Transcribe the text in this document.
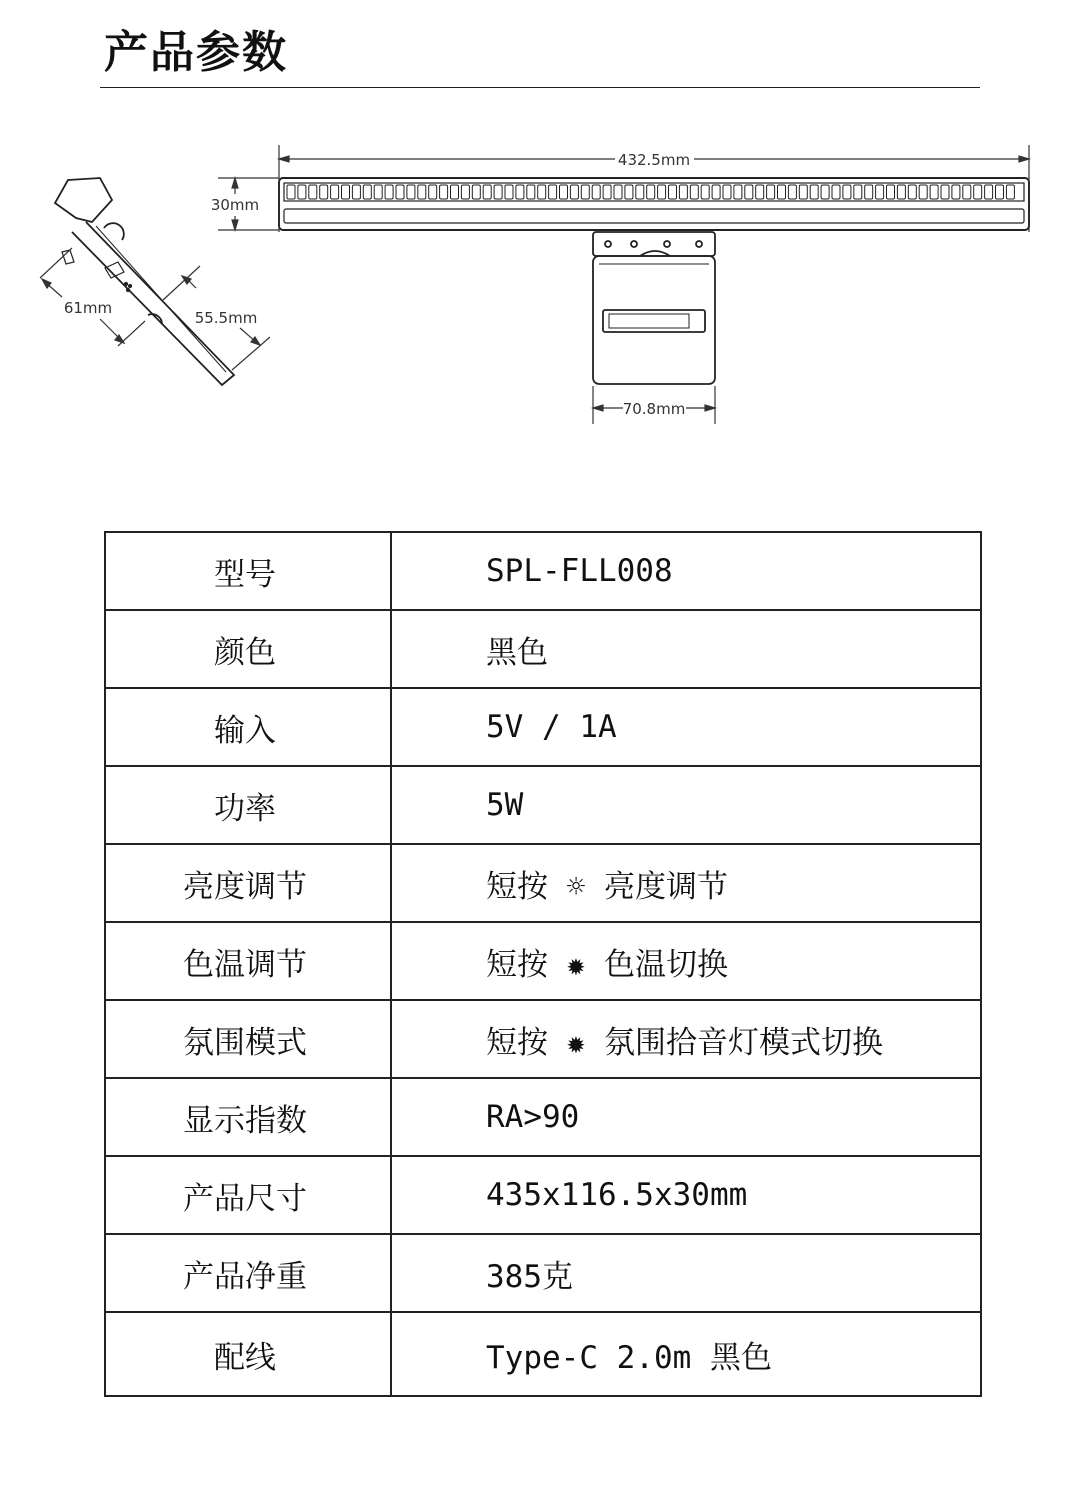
产品参数
432.5mm
30mm
70.8mm
61mm
55.5mm
型号	SPL-FLL008
颜色	黑色
输入	5V / 1A
功率	5W
亮度调节	短按 ☼ 亮度调节
色温调节	短按 ✹ 色温切换
氛围模式	短按 ✹ 氛围拾音灯模式切换
显示指数	RA>90
产品尺寸	435x116.5x30mm
产品净重	385克
配线	Type-C 2.0m 黑色
